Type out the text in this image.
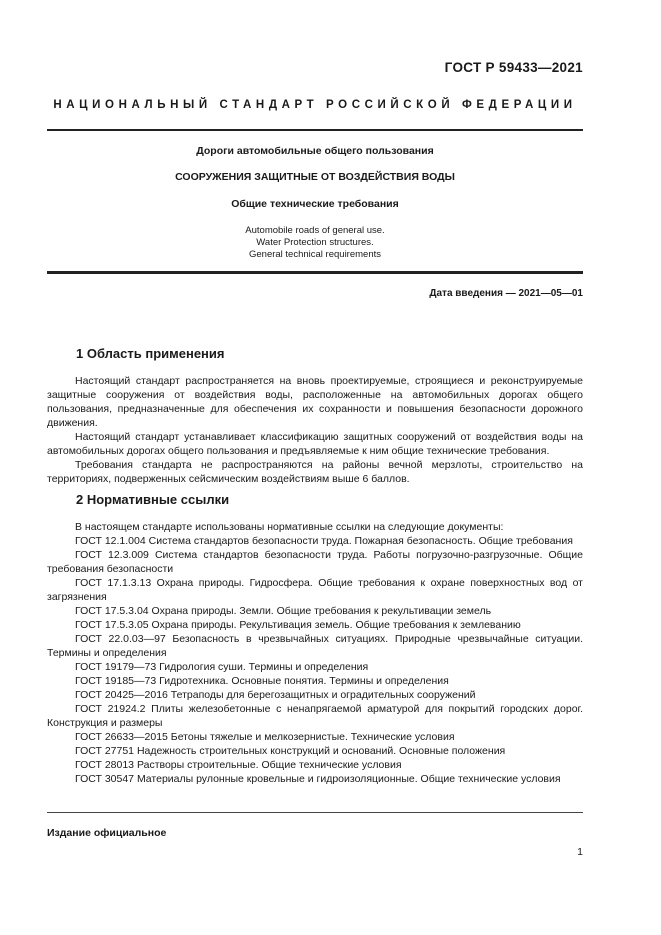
ГОСТ Р 59433—2021
НАЦИОНАЛЬНЫЙ СТАНДАРТ РОССИЙСКОЙ ФЕДЕРАЦИИ
Дороги автомобильные общего пользования
СООРУЖЕНИЯ ЗАЩИТНЫЕ ОТ ВОЗДЕЙСТВИЯ ВОДЫ
Общие технические требования
Automobile roads of general use.
Water Protection structures.
General technical requirements
Дата введения — 2021—05—01
1 Область применения

Настоящий стандарт распространяется на вновь проектируемые, строящиеся и реконструируемые защитные сооружения от воздействия воды, расположенные на автомобильных дорогах общего пользования, предназначенные для обеспечения их сохранности и повышения безопасности дорожного движения.

Настоящий стандарт устанавливает классификацию защитных сооружений от воздействия воды на автомобильных дорогах общего пользования и предъявляемые к ним общие технические требования.

Требования стандарта не распространяются на районы вечной мерзлоты, строительство на территориях, подверженных сейсмическим воздействиям выше 6 баллов.

2 Нормативные ссылки

В настоящем стандарте использованы нормативные ссылки на следующие документы:

ГОСТ 12.1.004 Система стандартов безопасности труда. Пожарная безопасность. Общие требования

ГОСТ 12.3.009 Система стандартов безопасности труда. Работы погрузочно-разгрузочные. Общие требования безопасности

ГОСТ 17.1.3.13 Охрана природы. Гидросфера. Общие требования к охране поверхностных вод от загрязнения

ГОСТ 17.5.3.04 Охрана природы. Земли. Общие требования к рекультивации земель

ГОСТ 17.5.3.05 Охрана природы. Рекультивация земель. Общие требования к землеванию

ГОСТ 22.0.03—97 Безопасность в чрезвычайных ситуациях. Природные чрезвычайные ситуации. Термины и определения

ГОСТ 19179—73 Гидрология суши. Термины и определения

ГОСТ 19185—73 Гидротехника. Основные понятия. Термины и определения

ГОСТ 20425—2016 Тетраподы для берегозащитных и оградительных сооружений

ГОСТ 21924.2 Плиты железобетонные с ненапрягаемой арматурой для покрытий городских дорог. Конструкция и размеры

ГОСТ 26633—2015 Бетоны тяжелые и мелкозернистые. Технические условия

ГОСТ 27751 Надежность строительных конструкций и оснований. Основные положения

ГОСТ 28013 Растворы строительные. Общие технические условия

ГОСТ 30547 Материалы рулонные кровельные и гидроизоляционные. Общие технические условия

Издание официальное
1
